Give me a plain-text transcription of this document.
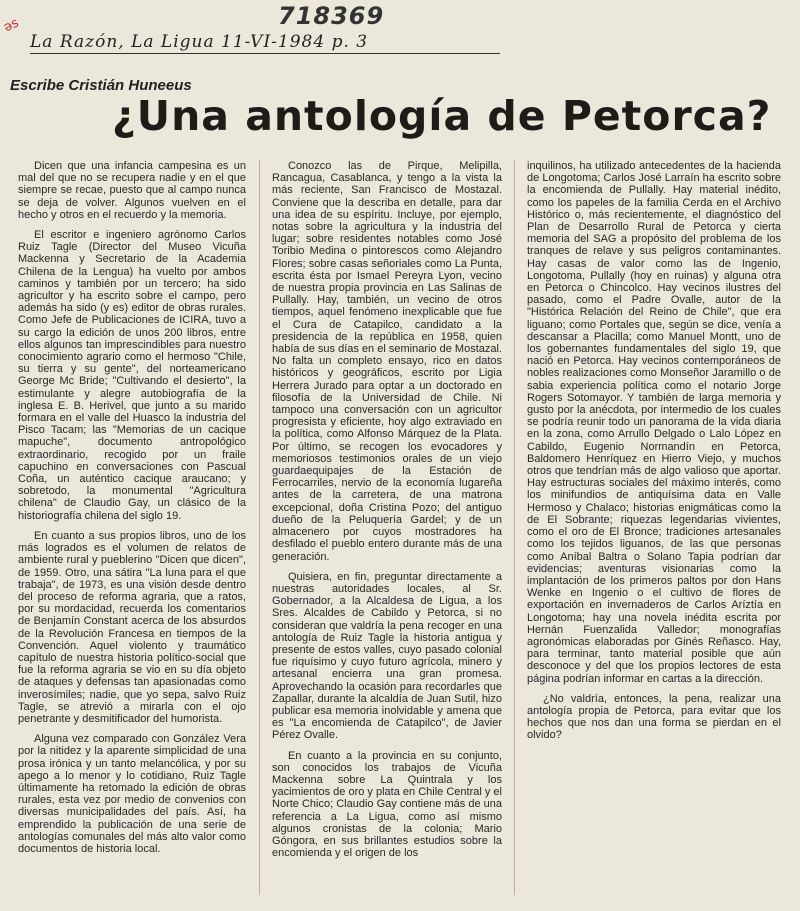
ǝs	718369
La Razón, La Ligua 11-VI-1984 p. 3
Escribe Cristián Huneeus
¿Una antología de Petorca?

Dicen que una infancia campesina es un mal del que no se recupera nadie y en el que siempre se recae, puesto que al campo nunca se deja de volver. Algunos vuelven en el hecho y otros en el recuerdo y la memoria.

El escritor e ingeniero agrónomo Carlos Ruiz Tagle (Director del Museo Vicuña Mackenna y Secretario de la Academia Chilena de la Lengua) ha vuelto por ambos caminos y también por un tercero; ha sido agricultor y ha escrito sobre el campo, pero además ha sido (y es) editor de obras rurales. Como Jefe de Publicaciones de ICIRA, tuvo a su cargo la edición de unos 200 libros, entre ellos algunos tan imprescindibles para nuestro conocimiento agrario como el hermoso "Chile, su tierra y su gente", del norteamericano George Mc Bride; "Cultivando el desierto", la estimulante y alegre autobiografía de la inglesa E. B. Herivel, que junto a su marido formara en el valle del Huasco la industria del Pisco Tacam; las "Memorias de un cacique mapuche", documento antropológico extraordinario, recogido por un fraile capuchino en conversaciones con Pascual Coña, un auténtico cacique araucano; y sobretodo, la monumental "Agricultura chilena" de Claudio Gay, un clásico de la historiografía chilena del siglo 19.

En cuanto a sus propios libros, uno de los más logrados es el volumen de relatos de ambiente rural y pueblerino "Dicen que dicen", de 1959. Otro, una sátira "La luna para el que trabaja", de 1973, es una visión desde dentro del proceso de reforma agraria, que a ratos, por su mordacidad, recuerda los comentarios de Benjamín Constant acerca de los absurdos de la Revolución Francesa en tiempos de la Convención. Aquel violento y traumático capítulo de nuestra historia político-social que fue la reforma agraria se vio en su día objeto de ataques y defensas tan apasionadas como inverosímiles; nadie, que yo sepa, salvo Ruiz Tagle, se atrevió a mirarla con el ojo penetrante y desmitificador del humorista.

Alguna vez comparado con González Vera por la nitidez y la aparente simplicidad de una prosa irónica y un tanto melancólica, y por su apego a lo menor y lo cotidiano, Ruiz Tagle últimamente ha retomado la edición de obras rurales, esta vez por medio de convenios con diversas municipalidades del país. Así, ha emprendido la publicación de una serie de antologías comunales del más alto valor como documentos de historia local.

Conozco las de Pirque, Melipilla, Rancagua, Casablanca, y tengo a la vista la más reciente, San Francisco de Mostazal. Conviene que la describa en detalle, para dar una idea de su espíritu. Incluye, por ejemplo, notas sobre la agricultura y la industria del lugar; sobre residentes notables como José Toribio Medina o pintorescos como Alejandro Flores; sobre casas señoriales como La Punta, escrita ésta por Ismael Pereyra Lyon, vecino de nuestra propia provincia en Las Salinas de Pullally. Hay, también, un vecino de otros tiempos, aquel fenómeno inexplicable que fue el Cura de Catapilco, candidato a la presidencia de la república en 1958, quien había de sus días en el seminario de Mostazal. No falta un completo ensayo, rico en datos históricos y geográficos, escrito por Ligia Herrera Jurado para optar a un doctorado en filosofía de la Universidad de Chile. Ni tampoco una conversación con un agricultor progresista y eficiente, hoy algo extraviado en la política, como Alfonso Márquez de la Plata. Por último, se recogen los evocadores y memoriosos testimonios orales de un viejo guardaequipajes de la Estación de Ferrocarriles, nervio de la economía lugareña antes de la carretera, de una matrona excepcional, doña Cristina Pozo; del antiguo dueño de la Peluquería Gardel; y de un almacenero por cuyos mostradores ha desfilado el pueblo entero durante más de una generación.

Quisiera, en fin, preguntar directamente a nuestras autoridades locales, al Sr. Gobernador, a la Alcaldesa de Ligua, a los Sres. Alcaldes de Cabildo y Petorca, si no consideran que valdría la pena recoger en una antología de Ruiz Tagle la historia antigua y presente de estos valles, cuyo pasado colonial fue riquísimo y cuyo futuro agrícola, minero y artesanal encierra una gran promesa. Aprovechando la ocasión para recordarles que Zapallar, durante la alcaldía de Juan Sutil, hizo publicar esa memoria inolvidable y amena que es "La encomienda de Catapilco", de Javier Pérez Ovalle.

En cuanto a la provincia en su conjunto, son conocidos los trabajos de Vicuña Mackenna sobre La Quintrala y los yacimientos de oro y plata en Chile Central y el Norte Chico; Claudio Gay contiene más de una referencia a La Ligua, como así mismo algunos cronistas de la colonia; Mario Góngora, en sus brillantes estudios sobre la encomienda y el origen de los

inquilinos, ha utilizado antecedentes de la hacienda de Longotoma; Carlos José Larraín ha escrito sobre la encomienda de Pullally. Hay material inédito, como los papeles de la familia Cerda en el Archivo Histórico o, más recientemente, el diagnóstico del Plan de Desarrollo Rural de Petorca y cierta memoria del SAG a propósito del problema de los tranques de relave y sus peligros contaminantes. Hay casas de valor como las de Ingenio, Longotoma, Pullally (hoy en ruinas) y alguna otra en Petorca o Chincolco. Hay vecinos ilustres del pasado, como el Padre Ovalle, autor de la "Histórica Relación del Reino de Chile", que era liguano; como Portales que, según se dice, venía a descansar a Placilla; como Manuel Montt, uno de los gobernantes fundamentales del siglo 19, que nació en Petorca. Hay vecinos contemporáneos de nobles realizaciones como Monseñor Jaramillo o de sabia experiencia política como el notario Jorge Rogers Sotomayor. Y también de larga memoria y gusto por la anécdota, por intermedio de los cuales se podría reunir todo un panorama de la vida diaria en la zona, como Arrullo Delgado o Lalo López en Cabildo, Eugenio Normandín en Petorca, Baldomero Henríquez en Hierro Viejo, y muchos otros que tendrían más de algo valioso que aportar. Hay estructuras sociales del máximo interés, como los minifundios de antiquísima data en Valle Hermoso y Chalaco; historias enigmáticas como la de El Sobrante; riquezas legendarias vivientes, como el oro de El Bronce; tradiciones artesanales como los tejidos liguanos, de las que personas como Aníbal Baltra o Solano Tapia podrían dar evidencias; aventuras visionarias como la implantación de los primeros paltos por don Hans Wenke en Ingenio o el cultivo de flores de exportación en invernaderos de Carlos Aríztía en Longotoma; hay una novela inédita escrita por Hernán Fuenzalida Valledor; monografías agronómicas elaboradas por Ginés Reñasco. Hay, para terminar, tanto material posible que aún desconoce y del que los propios lectores de esta página podrían informar en cartas a la dirección.

¿No valdría, entonces, la pena, realizar una antología propia de Petorca, para evitar que los hechos que nos dan una forma se pierdan en el olvido?
